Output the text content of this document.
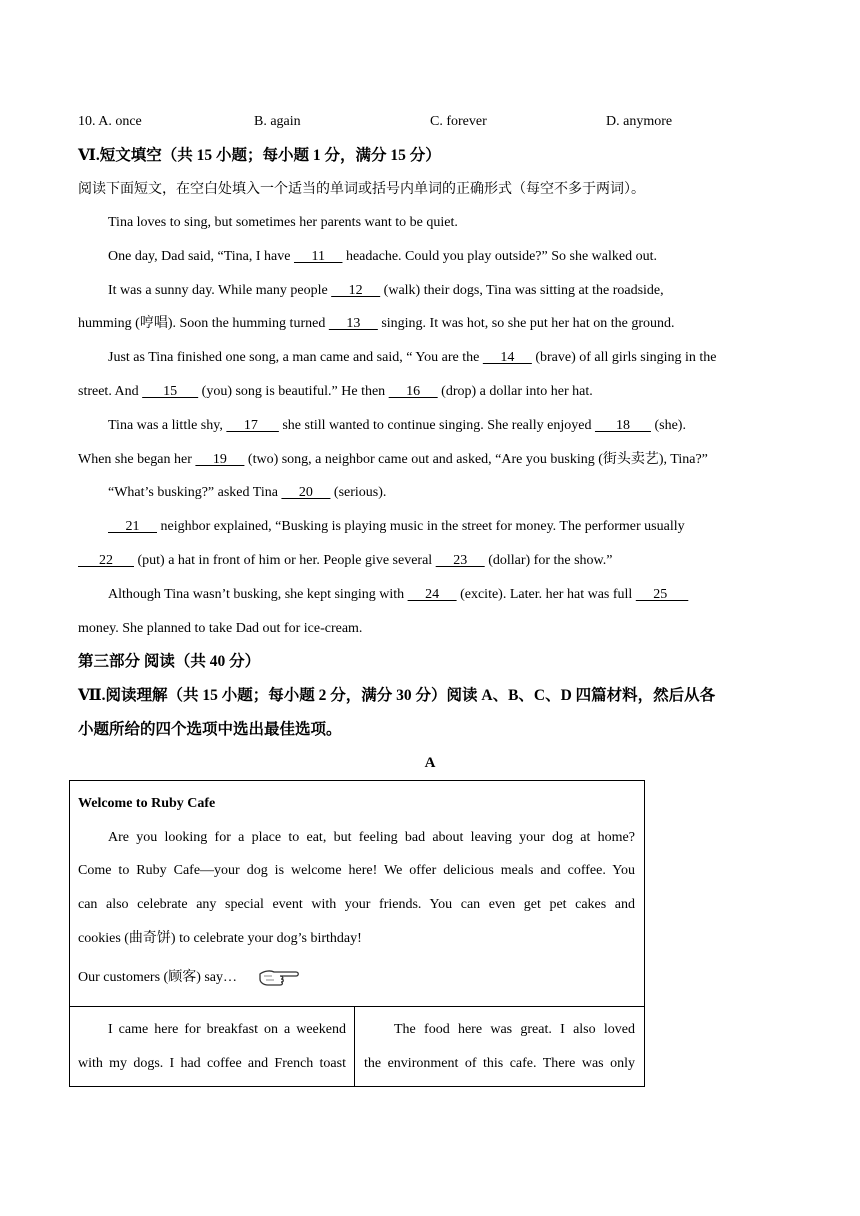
10. A. once	B. again	C. forever	D. anymore
Ⅵ.短文填空（共 15 小题；每小题 1 分，满分 15 分）
阅读下面短文，在空白处填入一个适当的单词或括号内单词的正确形式（每空不多于两词）。
Tina loves to sing, but sometimes her parents want to be quiet.
One day, Dad said, “Tina, I have      11      headache. Could you play outside?” So she walked out.
It was a sunny day. While many people      12      (walk) their dogs, Tina was sitting at the roadside,
humming (哼唱). Soon the humming turned      13      singing. It was hot, so she put her hat on the ground.
Just as Tina finished one song, a man came and said, “ You are the      14      (brave) of all girls singing in the
street. And       15       (you) song is beautiful.” He then      16      (drop) a dollar into her hat.
Tina was a little shy,      17       she still wanted to continue singing. She really enjoyed       18       (she).
When she began her      19      (two) song, a neighbor came out and asked, “Are you busking (街头卖艺), Tina?”
“What’s busking?” asked Tina      20      (serious).
21      neighbor explained, “Busking is playing music in the street for money. The performer usually
22       (put) a hat in front of him or her. People give several      23      (dollar) for the show.”
Although Tina wasn’t busking, she kept singing with      24      (excite). Later. her hat was full      25
money. She planned to take Dad out for ice-cream.
第三部分 阅读（共 40 分）
Ⅶ.阅读理解（共 15 小题；每小题 2 分，满分 30 分）阅读 A、B、C、D 四篇材料，然后从各
小题所给的四个选项中选出最佳选项。
A
Welcome to Ruby Cafe
Are you looking for a place to eat, but feeling bad about leaving your dog at home?
Come to Ruby Cafe—your dog is welcome here! We offer delicious meals and coffee. You
can also celebrate any special event with your friends. You can even get pet cakes and
cookies (曲奇饼) to celebrate your dog’s birthday!
Our customers (顾客) say…
I came here for breakfast on a weekend
with my dogs. I had coffee and French toast
The food here was great. I also loved
the environment of this cafe. There was only
